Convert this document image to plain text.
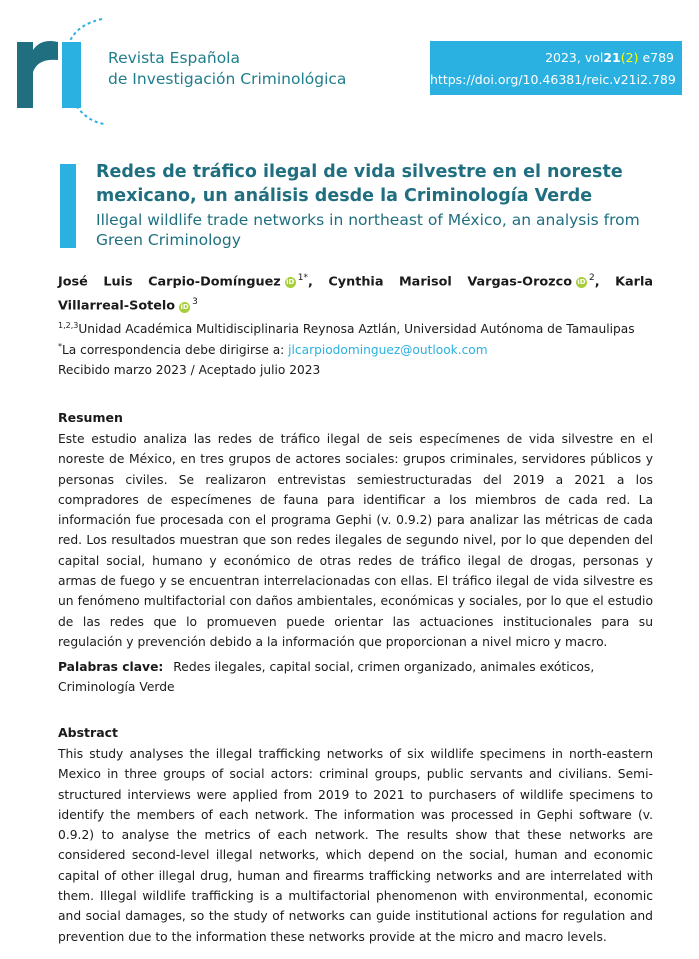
Revista Española
de Investigación Criminológica
2023, vol21(2) e789
https://doi.org/10.46381/reic.v21i2.789
Redes de tráfico ilegal de vida silvestre en el noreste mexicano, un análisis desde la Criminología Verde
Illegal wildlife trade networks in northeast of México, an analysis from Green Criminology
José Luis Carpio-Domínguez iD $^{1*}$, Cynthia Marisol Vargas-Orozco iD $^2$, Karla Villarreal-Sotelo iD $^3$
$^{1,2,3}$Unidad Académica Multidisciplinaria Reynosa Aztlán, Universidad Autónoma de Tamaulipas
*La correspondencia debe dirigirse a: jlcarpiodominguez@outlook.com
Recibido marzo 2023 / Aceptado julio 2023
Resumen
Este estudio analiza las redes de tráfico ilegal de seis especímenes de vida silvestre en el noreste de México, en tres grupos de actores sociales: grupos criminales, servidores públicos y personas civiles. Se realizaron entrevistas semiestructuradas del 2019 a 2021 a los compradores de especímenes de fauna para identificar a los miembros de cada red. La información fue procesada con el programa Gephi (v. 0.9.2) para analizar las métricas de cada red. Los resultados muestran que son redes ilegales de segundo nivel, por lo que dependen del capital social, humano y económico de otras redes de tráfico ilegal de drogas, personas y armas de fuego y se encuentran interrelacionadas con ellas. El tráfico ilegal de vida silvestre es un fenómeno multifactorial con daños ambientales, económicas y sociales, por lo que el estudio de las redes que lo promueven puede orientar las actuaciones institucionales para su regulación y prevención debido a la información que proporcionan a nivel micro y macro.
Palabras clave: Redes ilegales, capital social, crimen organizado, animales exóticos, Criminología Verde
Abstract
This study analyses the illegal trafficking networks of six wildlife specimens in north-eastern Mexico in three groups of social actors: criminal groups, public servants and civilians. Semi-structured interviews were applied from 2019 to 2021 to purchasers of wildlife specimens to identify the members of each network. The information was processed in Gephi software (v. 0.9.2) to analyse the metrics of each network. The results show that these networks are considered second-level illegal networks, which depend on the social, human and economic capital of other illegal drug, human and firearms trafficking networks and are interrelated with them. Illegal wildlife trafficking is a multifactorial phenomenon with environmental, economic and social damages, so the study of networks can guide institutional actions for regulation and prevention due to the information these networks provide at the micro and macro levels.
